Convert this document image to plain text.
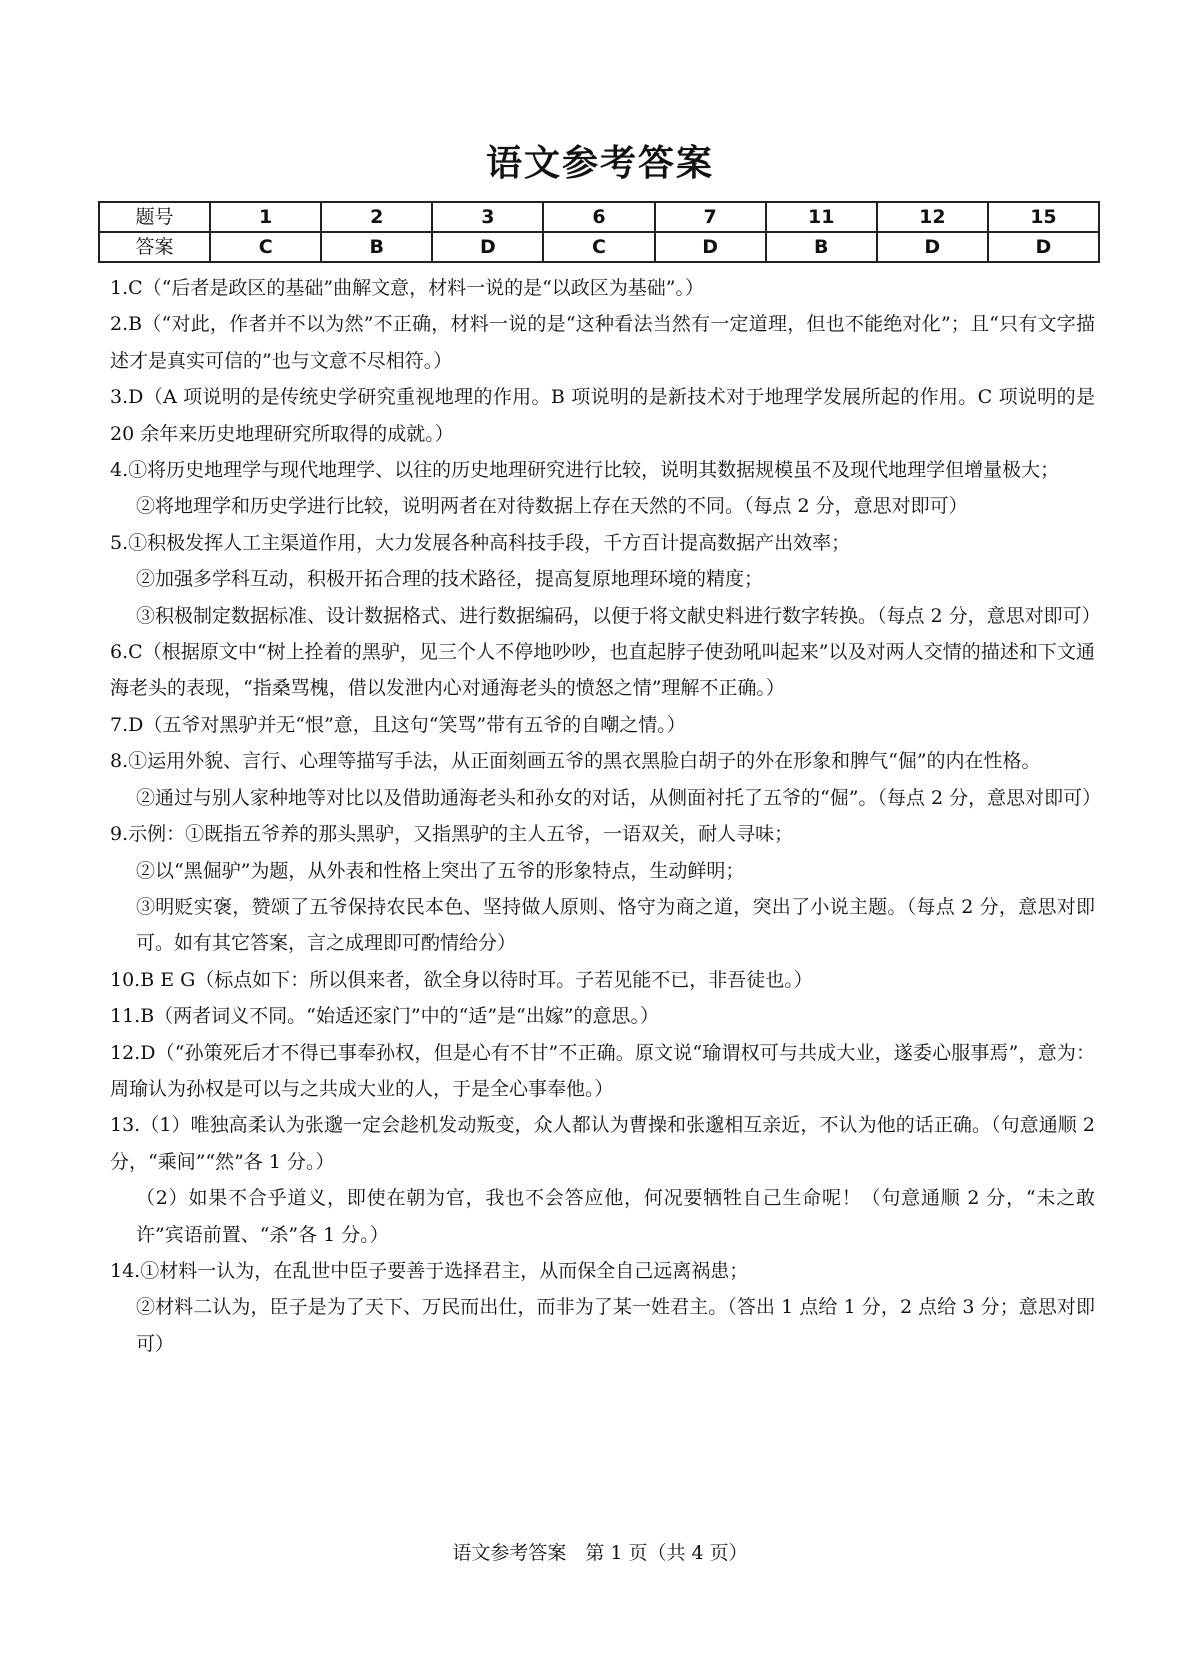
语文参考答案
题号	1	2	3	6	7	11	12	15
答案	C	B	D	C	D	B	D	D

1.C（“后者是政区的基础”曲解文意，材料一说的是“以政区为基础”。）

2.B（“对此，作者并不以为然”不正确，材料一说的是“这种看法当然有一定道理，但也不能绝对化”；且“只有文字描述才是真实可信的”也与文意不尽相符。）

3.D（A 项说明的是传统史学研究重视地理的作用。B 项说明的是新技术对于地理学发展所起的作用。C 项说明的是 20 余年来历史地理研究所取得的成就。）

4.①将历史地理学与现代地理学、以往的历史地理研究进行比较，说明其数据规模虽不及现代地理学但增量极大；

②将地理学和历史学进行比较，说明两者在对待数据上存在天然的不同。（每点 2 分，意思对即可）

5.①积极发挥人工主渠道作用，大力发展各种高科技手段，千方百计提高数据产出效率；

②加强多学科互动，积极开拓合理的技术路径，提高复原地理环境的精度；

③积极制定数据标准、设计数据格式、进行数据编码，以便于将文献史料进行数字转换。（每点 2 分，意思对即可）

6.C（根据原文中“树上拴着的黑驴，见三个人不停地吵吵，也直起脖子使劲吼叫起来”以及对两人交情的描述和下文通海老头的表现，“指桑骂槐，借以发泄内心对通海老头的愤怒之情”理解不正确。）

7.D（五爷对黑驴并无“恨”意，且这句“笑骂”带有五爷的自嘲之情。）

8.①运用外貌、言行、心理等描写手法，从正面刻画五爷的黑衣黑脸白胡子的外在形象和脾气“倔”的内在性格。

②通过与别人家种地等对比以及借助通海老头和孙女的对话，从侧面衬托了五爷的“倔”。（每点 2 分，意思对即可）

9.示例：①既指五爷养的那头黑驴，又指黑驴的主人五爷，一语双关，耐人寻味；

②以“黑倔驴”为题，从外表和性格上突出了五爷的形象特点，生动鲜明；

③明贬实褒，赞颂了五爷保持农民本色、坚持做人原则、恪守为商之道，突出了小说主题。（每点 2 分，意思对即可。如有其它答案，言之成理即可酌情给分）

10.B E G（标点如下：所以俱来者，欲全身以待时耳。子若见能不已，非吾徒也。）

11.B（两者词义不同。“始适还家门”中的“适”是“出嫁”的意思。）

12.D（“孙策死后才不得已事奉孙权，但是心有不甘”不正确。原文说“瑜谓权可与共成大业，遂委心服事焉”，意为：周瑜认为孙权是可以与之共成大业的人，于是全心事奉他。）

13.（1）唯独高柔认为张邈一定会趁机发动叛变，众人都认为曹操和张邈相互亲近，不认为他的话正确。（句意通顺 2 分，“乘间”“然”各 1 分。）

（2）如果不合乎道义，即使在朝为官，我也不会答应他，何况要牺牲自己生命呢！（句意通顺 2 分，“未之敢许”宾语前置、“杀”各 1 分。）

14.①材料一认为，在乱世中臣子要善于选择君主，从而保全自己远离祸患；

②材料二认为，臣子是为了天下、万民而出仕，而非为了某一姓君主。（答出 1 点给 1 分，2 点给 3 分；意思对即可）

语文参考答案　第 1 页（共 4 页）
